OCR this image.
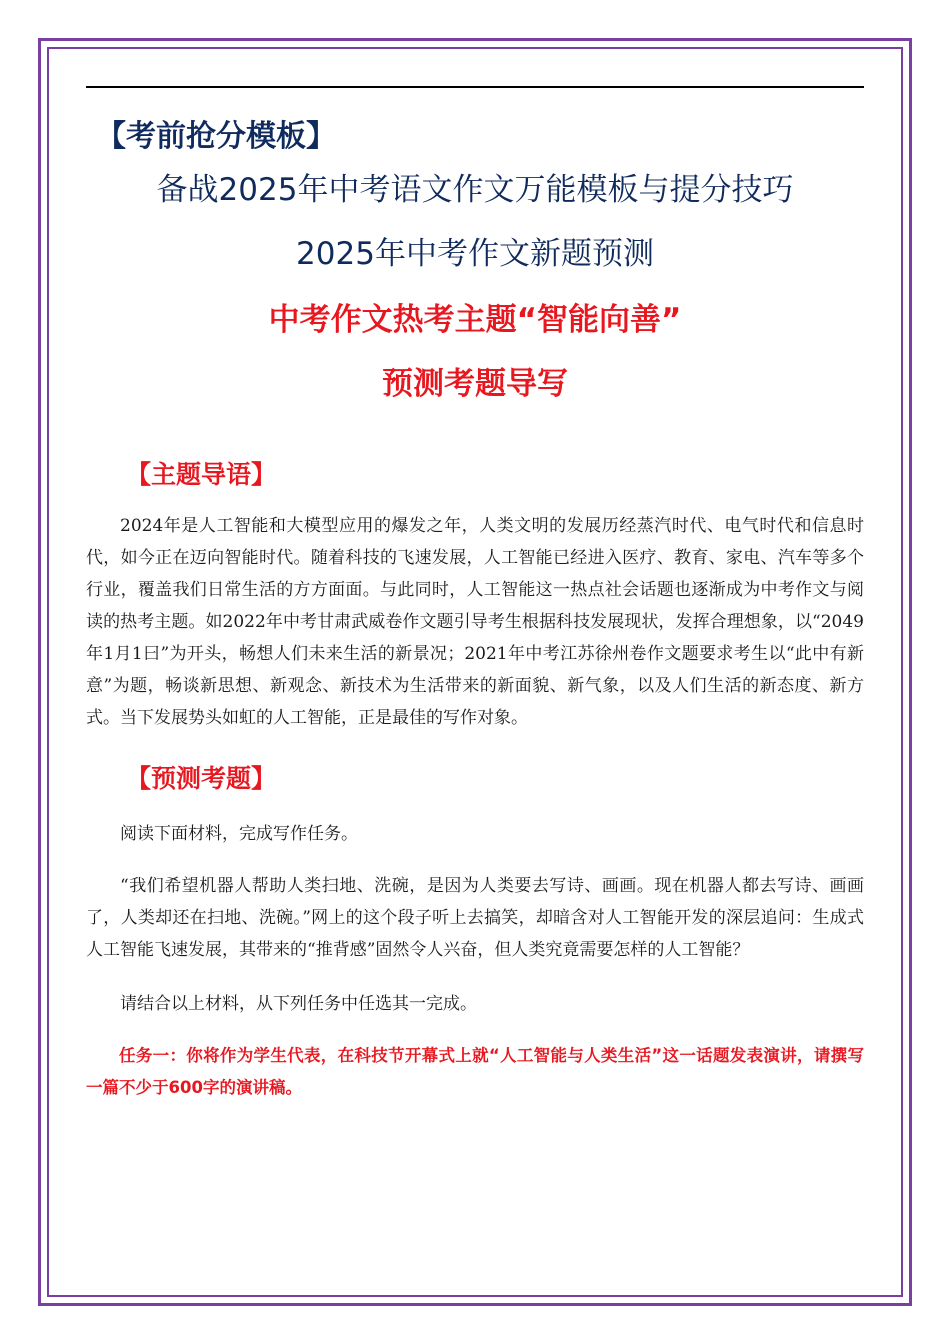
【考前抢分模板】
备战2025年中考语文作文万能模板与提分技巧
2025年中考作文新题预测
中考作文热考主题“智能向善”
预测考题导写
【主题导语】

2024年是人工智能和大模型应用的爆发之年，人类文明的发展历经蒸汽时代、电气时代和信息时代，如今正在迈向智能时代。随着科技的飞速发展，人工智能已经进入医疗、教育、家电、汽车等多个行业，覆盖我们日常生活的方方面面。与此同时，人工智能这一热点社会话题也逐渐成为中考作文与阅读的热考主题。如2022年中考甘肃武威卷作文题引导考生根据科技发展现状，发挥合理想象，以“2049年1月1曰”为开头，畅想人们未来生活的新景况；2021年中考江苏徐州卷作文题要求考生以“此中有新意”为题，畅谈新思想、新观念、新技术为生活带来的新面貌、新气象，以及人们生活的新态度、新方式。当下发展势头如虹的人工智能，正是最佳的写作对象。

【预测考题】

阅读下面材料，完成写作任务。

“我们希望机器人帮助人类扫地、洗碗，是因为人类要去写诗、画画。现在机器人都去写诗、画画了，人类却还在扫地、洗碗。”网上的这个段子听上去搞笑，却暗含对人工智能开发的深层追问：生成式人工智能飞速发展，其带来的“推背感”固然令人兴奋，但人类究竟需要怎样的人工智能？

请结合以上材料，从下列任务中任选其一完成。

任务一：你将作为学生代表，在科技节开幕式上就“人工智能与人类生活”这一话题发表演讲，请撰写一篇不少于600字的演讲稿。
